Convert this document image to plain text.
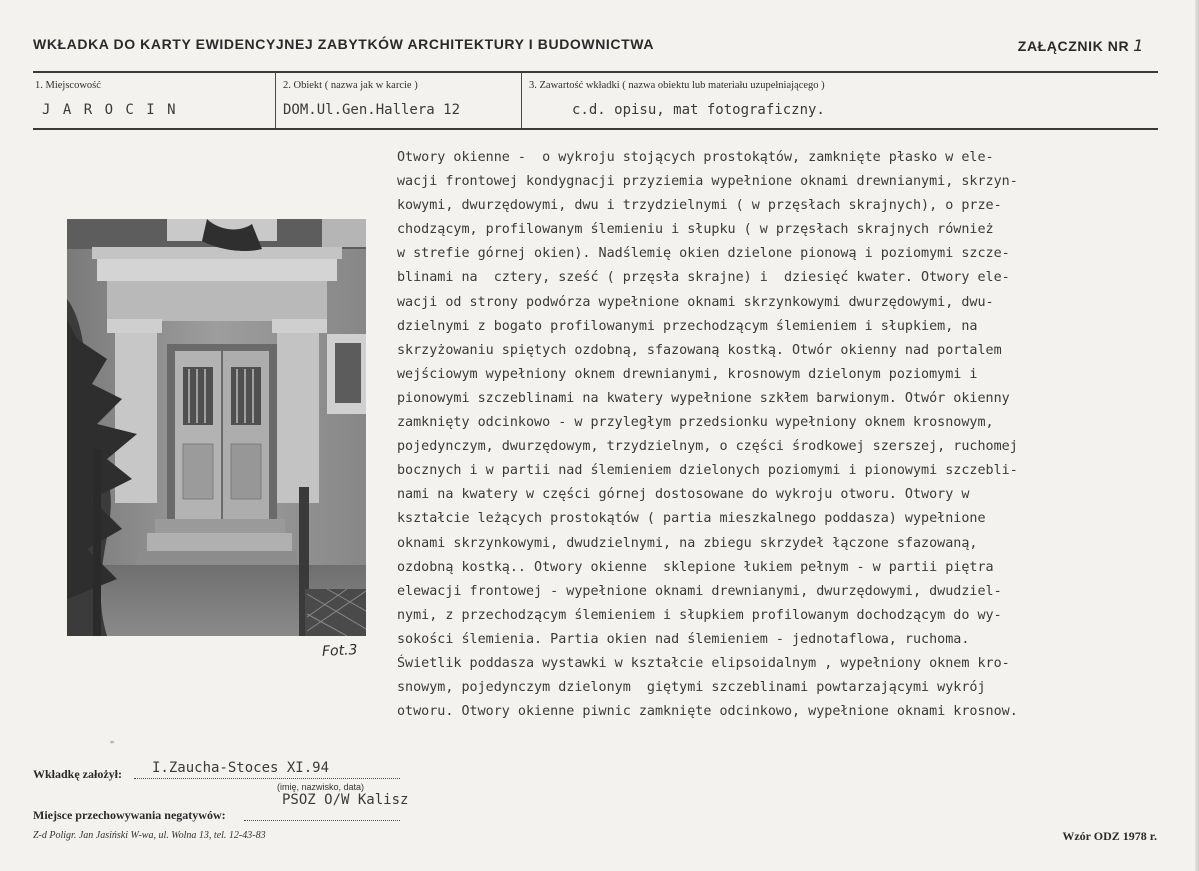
WKŁADKA DO KARTY EWIDENCYJNEJ ZABYTKÓW ARCHITEKTURY I BUDOWNICTWA	ZAŁĄCZNIK NR 1
1. Miejscowość
J A R O C I N
2. Obiekt ( nazwa jak w karcie )
DOM.Ul.Gen.Hallera 12
3. Zawartość wkładki ( nazwa obiektu lub materiału uzupełniającego )
c.d. opisu, mat fotograficzny.
Fot.3
Otwory okienne -  o wykroju stojących prostokątów, zamknięte płasko w ele-
wacji frontowej kondygnacji przyziemia wypełnione oknami drewnianymi, skrzyn-
kowymi, dwurzędowymi, dwu i trzydzielnymi ( w przęsłach skrajnych), o prze-
chodzącym, profilowanym ślemieniu i słupku ( w przęsłach skrajnych również
w strefie górnej okien). Nadślemię okien dzielone pionową i poziomymi szcze-
blinami na  cztery, sześć ( przęsła skrajne) i  dziesięć kwater. Otwory ele-
wacji od strony podwórza wypełnione oknami skrzynkowymi dwurzędowymi, dwu-
dzielnymi z bogato profilowanymi przechodzącym ślemieniem i słupkiem, na
skrzyżowaniu spiętych ozdobną, sfazowaną kostką. Otwór okienny nad portalem
wejściowym wypełniony oknem drewnianymi, krosnowym dzielonym poziomymi i
pionowymi szczeblinami na kwatery wypełnione szkłem barwionym. Otwór okienny
zamknięty odcinkowo - w przyległym przedsionku wypełniony oknem krosnowym,
pojedynczym, dwurzędowym, trzydzielnym, o części środkowej szerszej, ruchomej
bocznych i w partii nad ślemieniem dzielonych poziomymi i pionowymi szczebli-
nami na kwatery w części górnej dostosowane do wykroju otworu. Otwory w
kształcie leżących prostokątów ( partia mieszkalnego poddasza) wypełnione
oknami skrzynkowymi, dwudzielnymi, na zbiegu skrzydeł łączone sfazowaną,
ozdobną kostką.. Otwory okienne  sklepione łukiem pełnym - w partii piętra
elewacji frontowej - wypełnione oknami drewnianymi, dwurzędowymi, dwudziel-
nymi, z przechodzącym ślemieniem i słupkiem profilowanym dochodzącym do wy-
sokości ślemienia. Partia okien nad ślemieniem - jednotaflowa, ruchoma.
Świetlik poddasza wystawki w kształcie elipsoidalnym , wypełniony oknem kro-
snowym, pojedynczym dzielonym  giętymi szczeblinami powtarzającymi wykrój
otworu. Otwory okienne piwnic zamknięte odcinkowo, wypełnione oknami krosnow.
"
Wkładkę założył: I.Zaucha-Stoces XI.94
(imię, nazwisko, data)
PSOZ O/W Kalisz
Miejsce przechowywania negatywów:
Z-d Poligr. Jan Jasiński W-wa, ul. Wolna 13, tel. 12-43-83	Wzór ODZ 1978 r.
